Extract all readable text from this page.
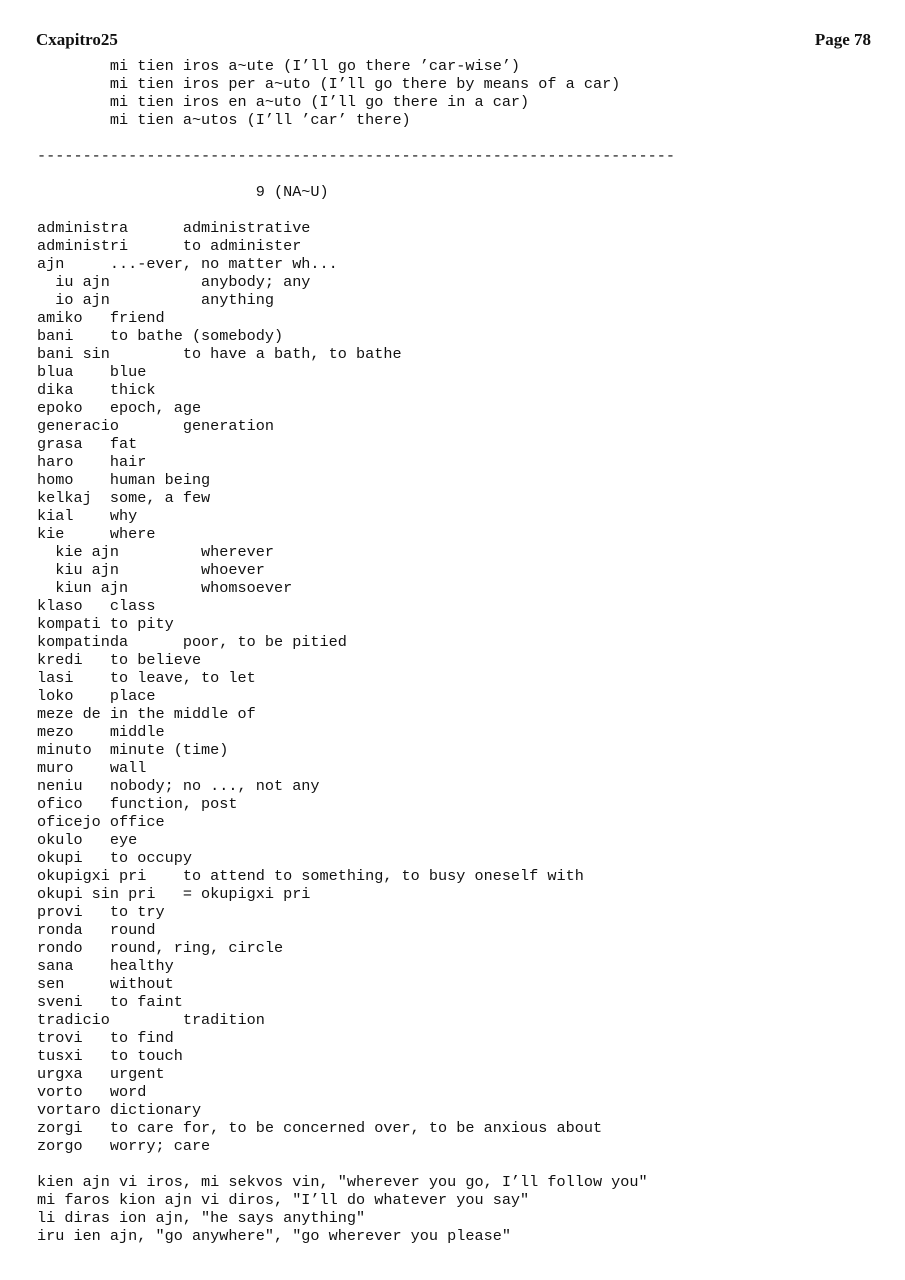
Cxapitro25	Page 78
mi tien iros a~ute (I’ll go there ’car-wise’)
mi tien iros per a~uto (I’ll go there by means of a car)
mi tien iros en a~uto (I’ll go there in a car)
mi tien a~utos (I’ll ’car’ there)
----------------------------------------------------------------------
9 (NA~U)
administra      administrative
administri      to administer
ajn     ...-ever, no matter wh...
iu ajn          anybody; any
io ajn          anything
amiko   friend
bani    to bathe (somebody)
bani sin        to have a bath, to bathe
blua    blue
dika    thick
epoko   epoch, age
generacio       generation
grasa   fat
haro    hair
homo    human being
kelkaj  some, a few
kial    why
kie     where
kie ajn         wherever
kiu ajn         whoever
kiun ajn        whomsoever
klaso   class
kompati to pity
kompatinda      poor, to be pitied
kredi   to believe
lasi    to leave, to let
loko    place
meze de in the middle of
mezo    middle
minuto  minute (time)
muro    wall
neniu   nobody; no ..., not any
ofico   function, post
oficejo office
okulo   eye
okupi   to occupy
okupigxi pri    to attend to something, to busy oneself with
okupi sin pri   = okupigxi pri
provi   to try
ronda   round
rondo   round, ring, circle
sana    healthy
sen     without
sveni   to faint
tradicio        tradition
trovi   to find
tusxi   to touch
urgxa   urgent
vorto   word
vortaro dictionary
zorgi   to care for, to be concerned over, to be anxious about
zorgo   worry; care
kien ajn vi iros, mi sekvos vin, "wherever you go, I’ll follow you"
mi faros kion ajn vi diros, "I’ll do whatever you say"
li diras ion ajn, "he says anything"
iru ien ajn, "go anywhere", "go wherever you please"
